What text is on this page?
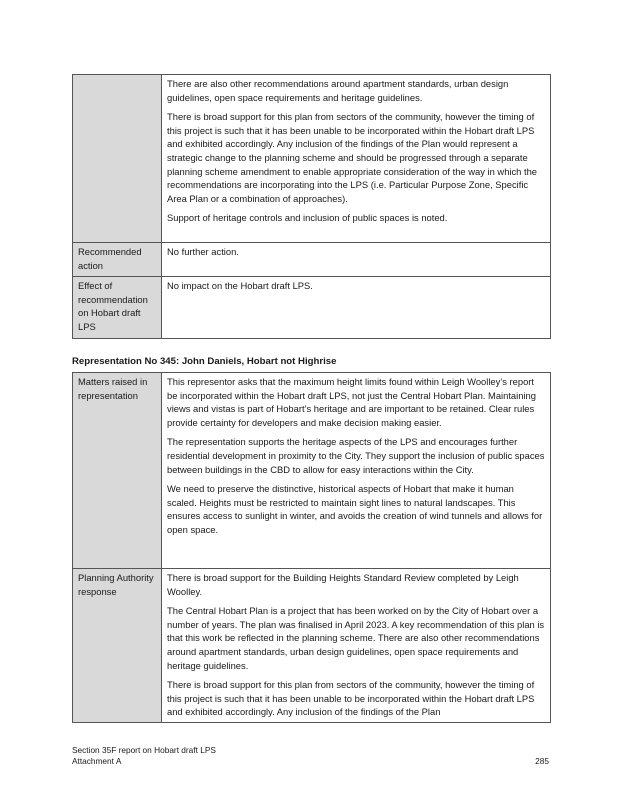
	There are also other recommendations around apartment standards, urban design guidelines, open space requirements and heritage guidelines.

There is broad support for this plan from sectors of the community, however the timing of this project is such that it has been unable to be incorporated within the Hobart draft LPS and exhibited accordingly. Any inclusion of the findings of the Plan would represent a strategic change to the planning scheme and should be progressed through a separate planning scheme amendment to enable appropriate consideration of the way in which the recommendations are incorporating into the LPS (i.e. Particular Purpose Zone, Specific Area Plan or a combination of approaches).

Support of heritage controls and inclusion of public spaces is noted.

Recommended action	No further action.

Effect of recommendation on Hobart draft LPS	No impact on the Hobart draft LPS.

Representation No 345: John Daniels, Hobart not Highrise

Matters raised in representation	This representor asks that the maximum height limits found within Leigh Woolley’s report be incorporated within the Hobart draft LPS, not just the Central Hobart Plan. Maintaining views and vistas is part of Hobart’s heritage and are important to be retained. Clear rules provide certainty for developers and make decision making easier.

The representation supports the heritage aspects of the LPS and encourages further residential development in proximity to the City. They support the inclusion of public spaces between buildings in the CBD to allow for easy interactions within the City.

We need to preserve the distinctive, historical aspects of Hobart that make it human scaled. Heights must be restricted to maintain sight lines to natural landscapes. This ensures access to sunlight in winter, and avoids the creation of wind tunnels and allows for open space.

Planning Authority response	There is broad support for the Building Heights Standard Review completed by Leigh Woolley.

The Central Hobart Plan is a project that has been worked on by the City of Hobart over a number of years. The plan was finalised in April 2023. A key recommendation of this plan is that this work be reflected in the planning scheme. There are also other recommendations around apartment standards, urban design guidelines, open space requirements and heritage guidelines.

There is broad support for this plan from sectors of the community, however the timing of this project is such that it has been unable to be incorporated within the Hobart draft LPS and exhibited accordingly. Any inclusion of the findings of the Plan

Section 35F report on Hobart draft LPS
Attachment A	285
